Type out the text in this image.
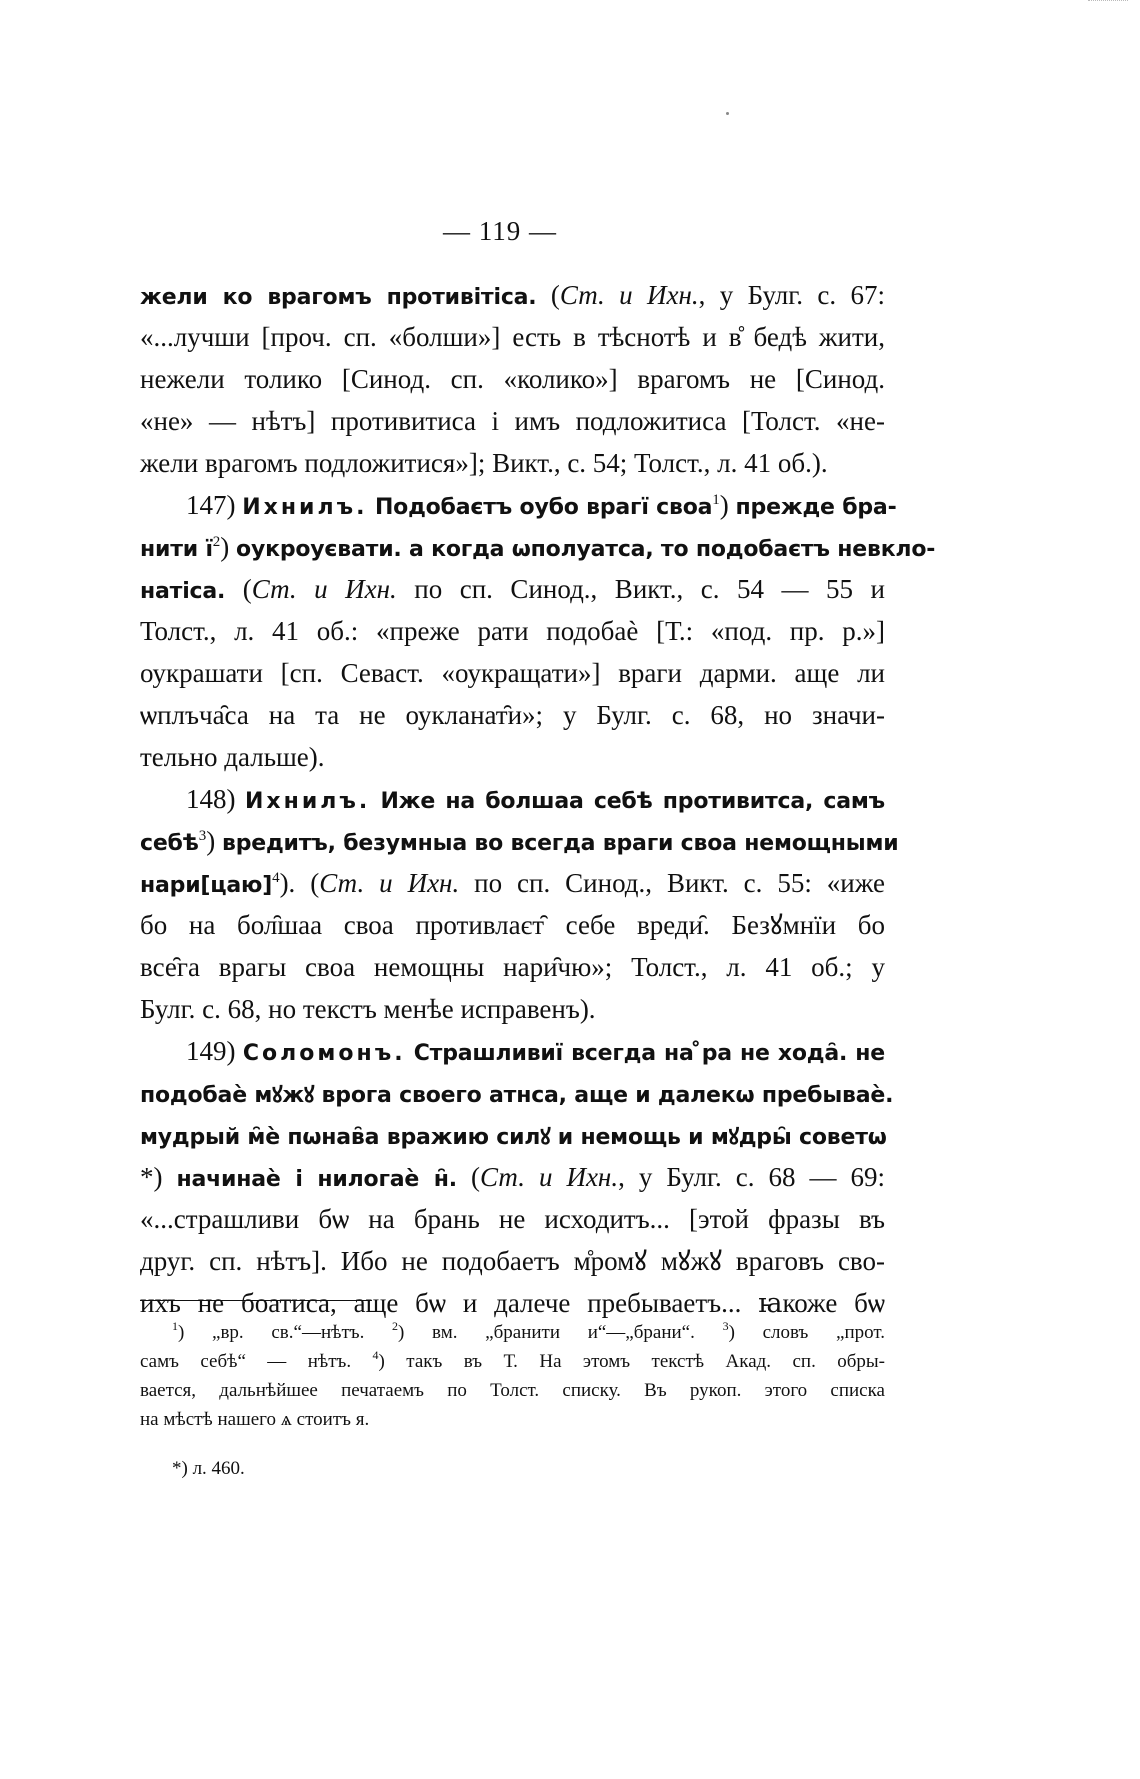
— 119 —
жели ко врагомъ противітіса. (Ст. и Ихн., у Булг. с. 67:
«...лучши [проч. сп. «болши»] есть в тѣснотѣ и в̊ бедѣ жити,
нежели толико [Синод. сп. «колико»] врагомъ не [Синод.
«не» — нѣтъ] противитиса і имъ подложитиса [Толст. «не-
жели врагомъ подложитися»]; Викт., с. 54; Толст., л. 41 об.).
147) Ихнилъ. Подобаєтъ оубо врагї своа$^1$) прежде бра-
нити $ї^2$) оукроуєвати. а когда ѡполуатса, то подобаєтъ невкло-
натіса. (Ст. и Ихн. по сп. Синод., Викт., с. 54 — 55 и
Толст., л. 41 об.: «преже рати подобаѐ [Т.: «под. пр. р.»]
оукрашати [сп. Севаст. «оукращати»] враги дарми. аще ли
ѡплъча̑са на та не оукланат̑и»; у Булг. с. 68, но значи-
тельно дальше).
148) Ихнилъ. Иже на болшаа себѣ противитса, самъ
себѣ$^3$) вредитъ, безумныа во всегда враги своа немощными
нари[цаю]$^4$). (Ст. и Ихн. по сп. Синод., Викт. с. 55: «иже
бо на бол̑шаа своа противлаєт̑ себе вреди̑. Безꙋмнїи бо
все̑га врагы своа немощны нари̑чю»; Толст., л. 41 об.; у
Булг. с. 68, но текстъ менѣе исправенъ).
149) Соломонъ. Страшливиї всегда на ̊ра не хода̑. не
подобаѐ мꙋжꙋ врога своего атнса, аще и далекѡ пребываѐ.
мудрый м̑ѐ пѡнав̑а вражию силꙋ и немощь и мꙋдры̑ советѡ
*) начинаѐ і нилогаѐ н̑. (Ст. и Ихн., у Булг. с. 68 — 69:
«...страшливи бѡ на брань не исходитъ... [этой фразы въ
друг. сп. нѣтъ]. Ибо не подобаетъ м̊ромꙋ мꙋжꙋ враговъ сво-
ихъ не боатиса, аще бѡ и далече пребываетъ... ꙗкоже бѡ
$^1$) „вр. св.“—нѣтъ. $^2$) вм. „бранити и“—„брани“. $^3$) словъ „прот.
самъ себѣ“ — нѣтъ. $^4$) такъ въ Т. На этомъ текстѣ Акад. сп. обры-
вается, дальнѣйшее печатаемъ по Толст. списку. Въ рукоп. этого списка
на мѣстѣ нашего ѧ стоитъ я.
*) л. 460.
